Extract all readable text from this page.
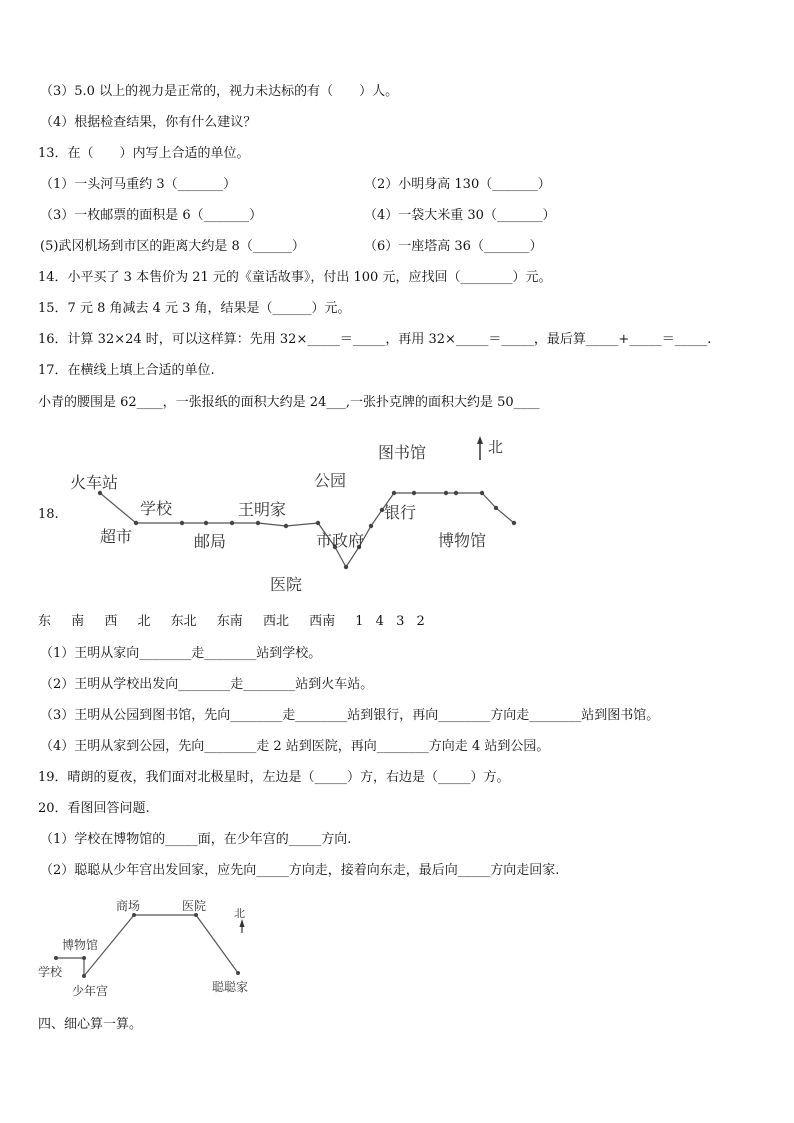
（3）5.0 以上的视力是正常的，视力未达标的有（　　）人。
（4）根据检查结果，你有什么建议？
13．在（　　）内写上合适的单位。
（1）一头河马重约 3（_______）	（2）小明身高 130（_______）
（3）一枚邮票的面积是 6（_______）	（4）一袋大米重 30（_______）
(5)武冈机场到市区的距离大约是 8（______）	（6）一座塔高 36（_______）
14．小平买了 3 本售价为 21 元的《童话故事》，付出 100 元，应找回（________）元。
15．7 元 8 角减去 4 元 3 角，结果是（______）元。
16．计算 32×24 时，可以这样算：先用 32×_____＝_____，再用 32×_____＝_____，最后算_____+_____＝_____.
17．在横线上填上合适的单位.
小青的腰围是 62____，一张报纸的面积大约是 24___,一张扑克牌的面积大约是 50____
18.
北
火车站
超市
学校
邮局
王明家
医院
市政府
公园
图书馆
银行
博物馆
东 南 西 北 东北 东南 西北 西南 1 4 3 2
（1）王明从家向________走________站到学校。
（2）王明从学校出发向________走________站到火车站。
（3）王明从公园到图书馆，先向________走________站到银行，再向________方向走________站到图书馆。
（4）王明从家到公园，先向________走 2 站到医院，再向________方向走 4 站到公园。
19．晴朗的夏夜，我们面对北极星时，左边是（_____）方，右边是（_____）方。
20．看图回答问题.
（1）学校在博物馆的_____面，在少年宫的_____方向.
（2）聪聪从少年宫出发回家，应先向_____方向走，接着向东走，最后向_____方向走回家.
北
商场	医院
博物馆
学校
少年宫	聪聪家
四、细心算一算。
